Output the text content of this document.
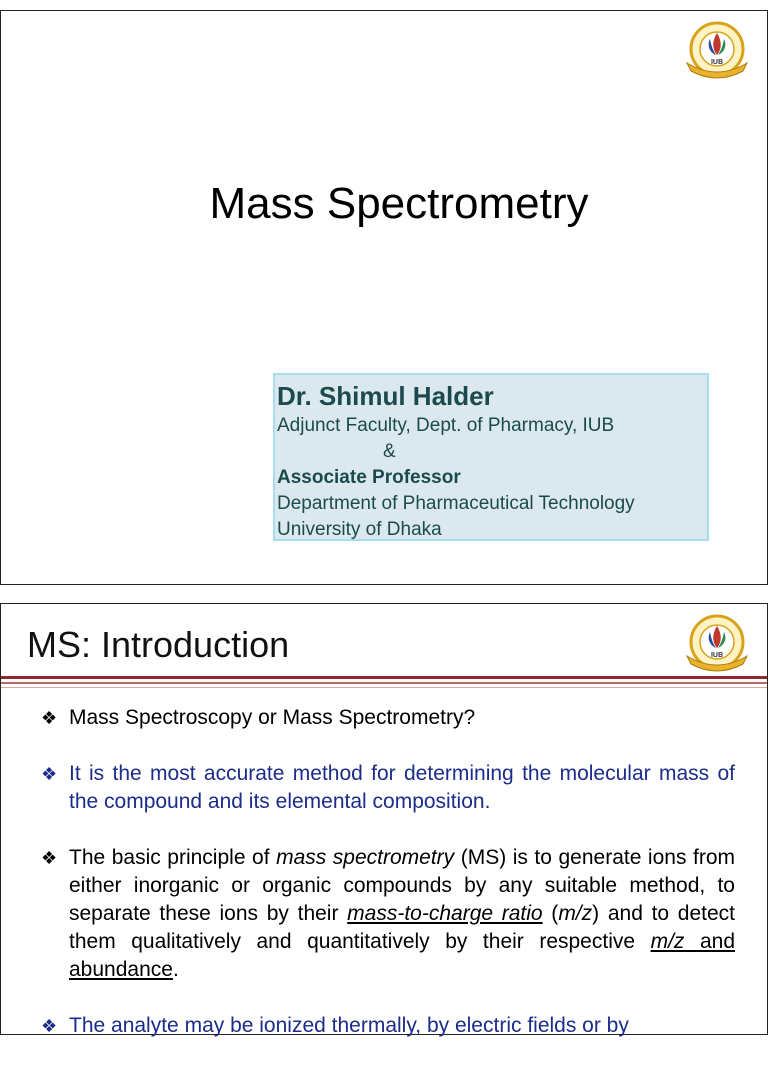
IUB
Mass Spectrometry
Dr. Shimul Halder
Adjunct Faculty, Dept. of Pharmacy, IUB
&
Associate Professor
Department of Pharmaceutical Technology
University of Dhaka
IUB
MS: Introduction
❖ Mass Spectroscopy or Mass Spectrometry?
❖ It is the most accurate method for determining the molecular mass of the compound and its elemental composition.
❖ The basic principle of mass spectrometry (MS) is to generate ions from either inorganic or organic compounds by any suitable method, to separate these ions by their mass-to-charge ratio (m/z) and to detect them qualitatively and quantitatively by their respective m/z and abundance.
❖ The analyte may be ionized thermally, by electric fields or by
